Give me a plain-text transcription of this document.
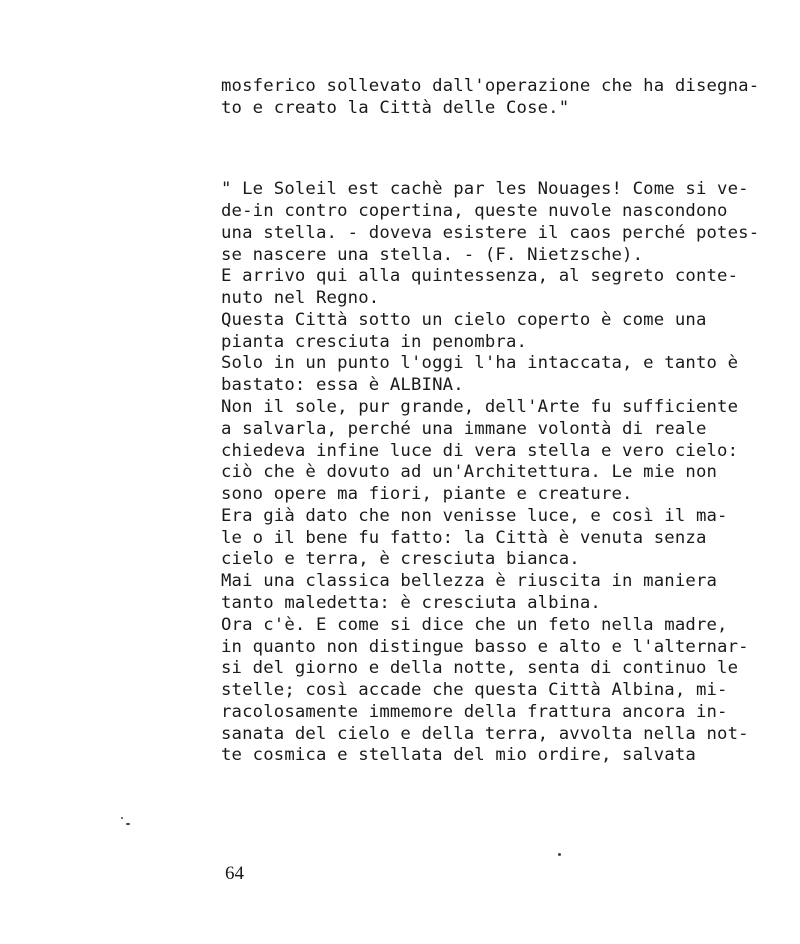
mosferico sollevato dall'operazione che ha disegna-
to e creato la Città delle Cose."
" Le Soleil est cachè par les Nouages! Come si ve-
de-in contro copertina, queste nuvole nascondono
una stella. - doveva esistere il caos perché potes-
se nascere una stella. - (F. Nietzsche).
E arrivo qui alla quintessenza, al segreto conte-
nuto nel Regno.
Questa Città sotto un cielo coperto è come una
pianta cresciuta in penombra.
Solo in un punto l'oggi l'ha intaccata, e tanto è
bastato: essa è ALBINA.
Non il sole, pur grande, dell'Arte fu sufficiente
a salvarla, perché una immane volontà di reale
chiedeva infine luce di vera stella e vero cielo:
ciò che è dovuto ad un'Architettura. Le mie non
sono opere ma fiori, piante e creature.
Era già dato che non venisse luce, e così il ma-
le o il bene fu fatto: la Città è venuta senza
cielo e terra, è cresciuta bianca.
Mai una classica bellezza è riuscita in maniera
tanto maledetta: è cresciuta albina.
Ora c'è. E come si dice che un feto nella madre,
in quanto non distingue basso e alto e l'alternar-
si del giorno e della notte, senta di continuo le
stelle; così accade che questa Città Albina, mi-
racolosamente immemore della frattura ancora in-
sanata del cielo e della terra, avvolta nella not-
te cosmica e stellata del mio ordire, salvata
64
